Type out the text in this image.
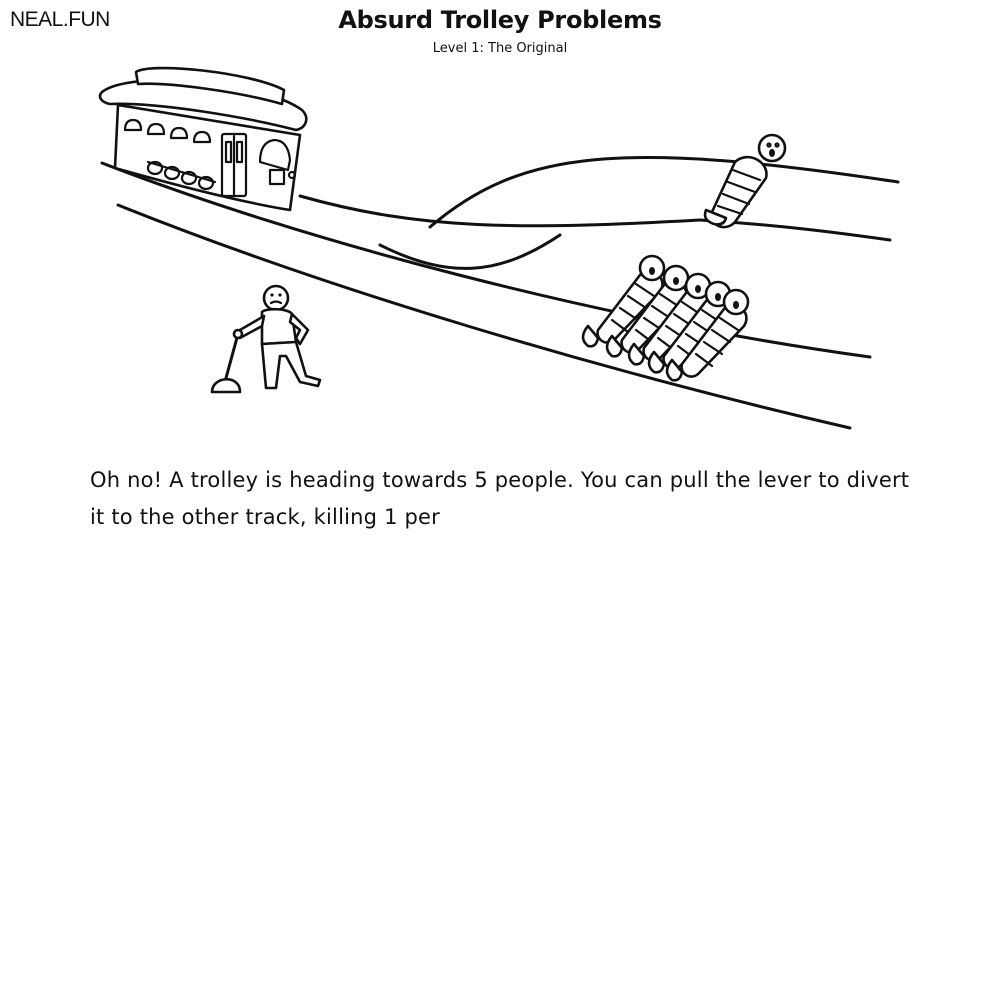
NEAL.FUN	Absurd Trolley Problems
Level 1: The Original
Oh no! A trolley is heading towards 5 people. You can pull the lever to divert it to the other track, killing 1 per
